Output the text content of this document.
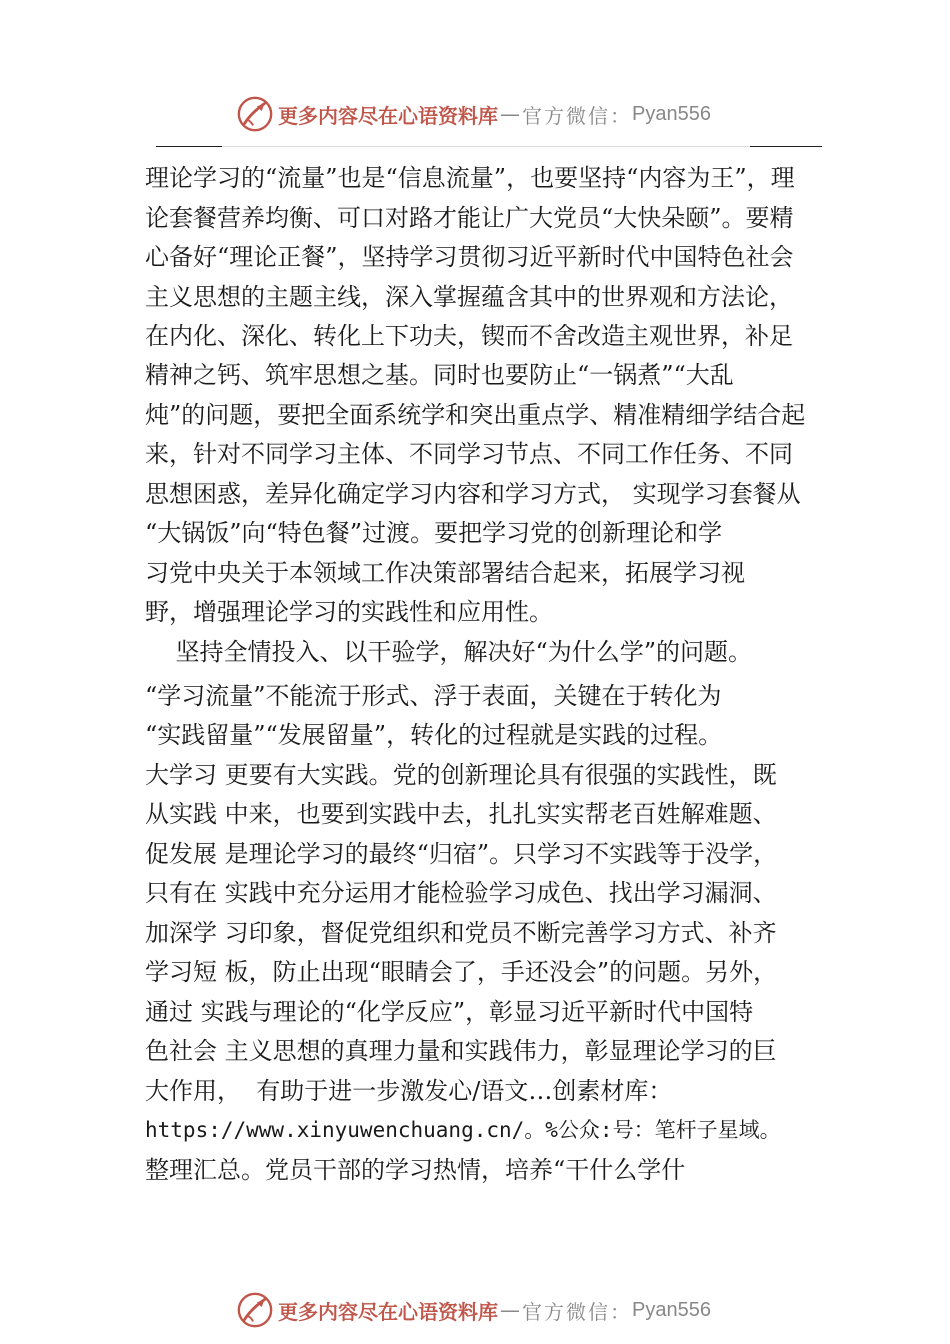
更多内容尽在心语资料库 — 官方微信： Pyan556
理论学习的“流量”也是“信息流量”，也要坚持“内容为王”，理
论套餐营养均衡、可口对路才能让广大党员“大快朵颐”。要精
心备好“理论正餐”，坚持学习贯彻习近平新时代中国特色社会
主义思想的主题主线，深入掌握蕴含其中的世界观和方法论，
在内化、深化、转化上下功夫，锲而不舍改造主观世界，补足
精神之钙、筑牢思想之基。同时也要防止“一锅煮”“大乱
炖”的问题，要把全面系统学和突出重点学、精准精细学结合起
来，针对不同学习主体、不同学习节点、不同工作任务、不同
思想困惑，差异化确定学习内容和学习方式， 实现学习套餐从
“大锅饭”向“特色餐”过渡。要把学习党的创新理论和学
习党中央关于本领域工作决策部署结合起来，拓展学习视
野，增强理论学习的实践性和应用性。
坚持全情投入、以干验学，解决好“为什么学”的问题。
“学习流量”不能流于形式、浮于表面，关键在于转化为
“实践留量”“发展留量”，转化的过程就是实践的过程。
大学习 更要有大实践。党的创新理论具有很强的实践性，既
从实践 中来，也要到实践中去，扎扎实实帮老百姓解难题、
促发展 是理论学习的最终“归宿”。只学习不实践等于没学，
只有在 实践中充分运用才能检验学习成色、找出学习漏洞、
加深学 习印象，督促党组织和党员不断完善学习方式、补齐
学习短 板，防止出现“眼睛会了，手还没会”的问题。另外，
通过 实践与理论的“化学反应”，彰显习近平新时代中国特
色社会 主义思想的真理力量和实践伟力，彰显理论学习的巨
大作用，  有助于进一步激发心/语文…创素材库：
https://www.xinyuwenchuang.cn/。%公众:号：笔杆子星域。
整理汇总。党员干部的学习热情，培养“干什么学什
更多内容尽在心语资料库 — 官方微信： Pyan556
